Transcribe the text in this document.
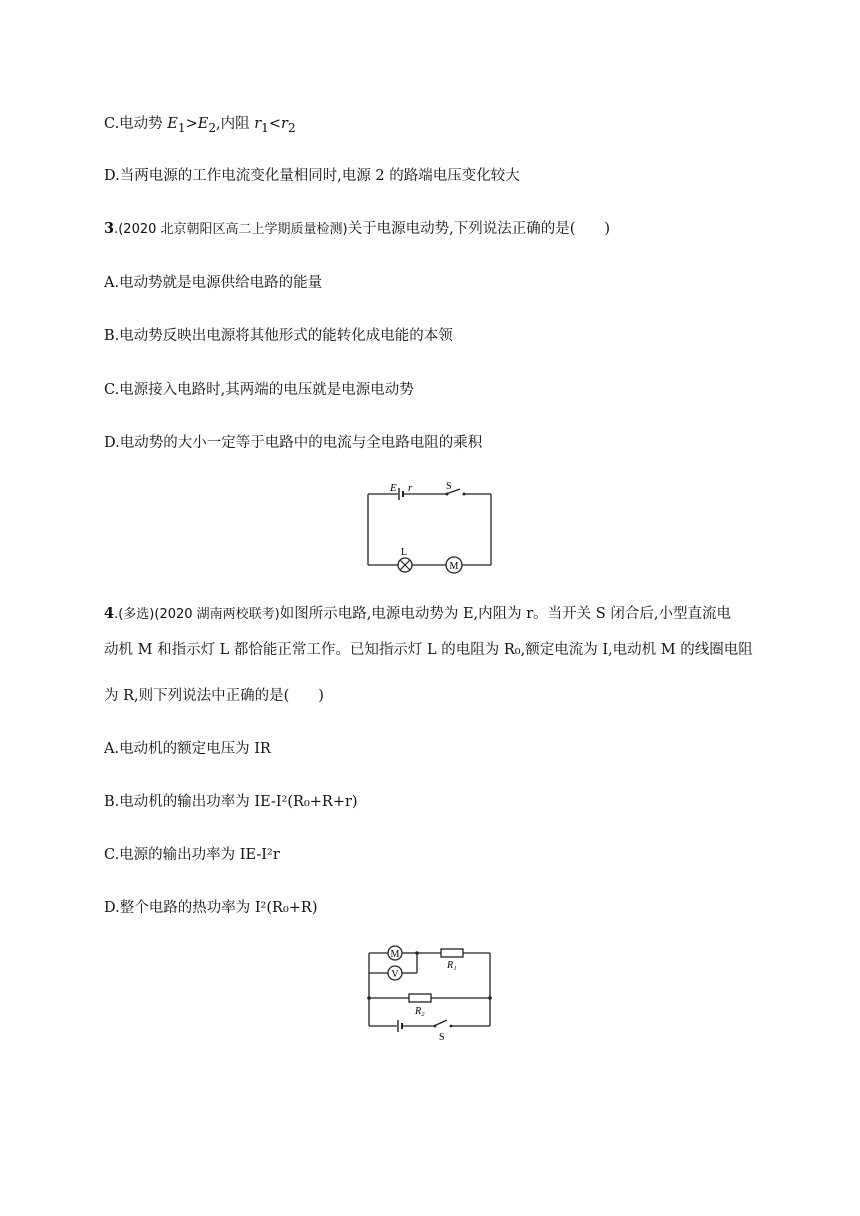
C.电动势 $E_1>E_2$,内阻 $r_1<r_2$
D.当两电源的工作电流变化量相同时,电源 2 的路端电压变化较大
3.(2020 北京朝阳区高二上学期质量检测)关于电源电动势,下列说法正确的是(　　)
A.电动势就是电源供给电路的能量
B.电动势反映出电源将其他形式的能转化成电能的本领
C.电源接入电路时,其两端的电压就是电源电动势
D.电动势的大小一定等于电路中的电流与全电路电阻的乘积
M
E r	S
L
4.(多选)(2020 湖南两校联考)如图所示电路,电源电动势为 E,内阻为 r。当开关 S 闭合后,小型直流电
动机 M 和指示灯 L 都恰能正常工作。已知指示灯 L 的电阻为 R₀,额定电流为 I,电动机 M 的线圈电阻
为 R,则下列说法中正确的是(　　)
A.电动机的额定电压为 IR
B.电动机的输出功率为 IE-I²(R₀+R+r)
C.电源的输出功率为 IE-I²r
D.整个电路的热功率为 I²(R₀+R)
M
V
R₁
R₂
S
